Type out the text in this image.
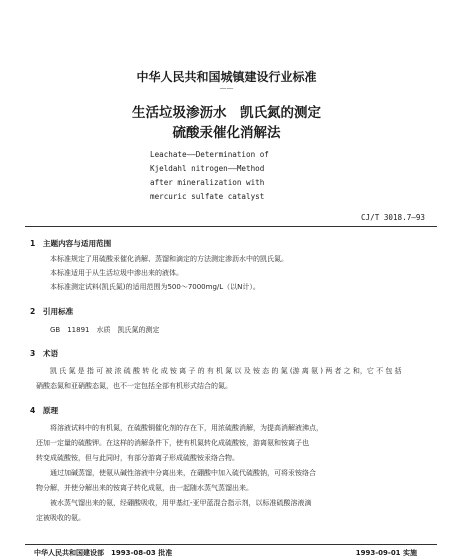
中华人民共和国城镇建设行业标准
——
生活垃圾渗沥水　凯氏氮的测定
硫酸汞催化消解法
Leachate——Determination of
Kjeldahl nitrogen——Method
after mineralization with
mercuric sulfate catalyst
CJ/T 3018.7—93
1　主题内容与适用范围
本标准规定了用硫酸汞催化消解、蒸馏和滴定的方法测定渗沥水中的凯氏氮。
本标准适用于从生活垃圾中渗出来的液体。
本标准测定试料(凯氏氮)的适用范围为500～7000mg/L（以N计）。
2　引用标准
GB　11891　水质　凯氏氮的测定
3　术语
凯 氏 氮 是 指 可 被 浓 硫 酸 转 化 成 铵 离 子 的 有 机 氮 以 及 铵 态 的 氮 (游 离 氨 ) 两 者 之 和，它 不 包 括
硝酸态氮和亚硝酸态氮，也不一定包括全部有机形式结合的氮。
4　原理
将溶液试料中的有机氮，在硫酸铜催化剂的存在下，用浓硫酸消解，为提高消解液沸点，
还加一定量的硫酸钾。在这样的消解条件下，使有机氮转化成硫酸铵，游离氨和铵离子也
转变成硫酸铵，但与此同时，有部分游离子形成硫酸铵汞络合物。
通过加碱蒸馏，使氨从碱性溶液中分离出来，在硼酸中加入硫代硫酸钠，可将汞铵络合
物分解，并使分解出来的铵离子转化成氨，由一起随水蒸气蒸馏出来。
被水蒸气馏出来的氨，经硼酸吸收，用甲基红-亚甲蓝混合指示剂，以标准硫酸溶液滴
定被吸收的氨。
中华人民共和国建设部　1993-08-03 批准	1993-09-01 实施
